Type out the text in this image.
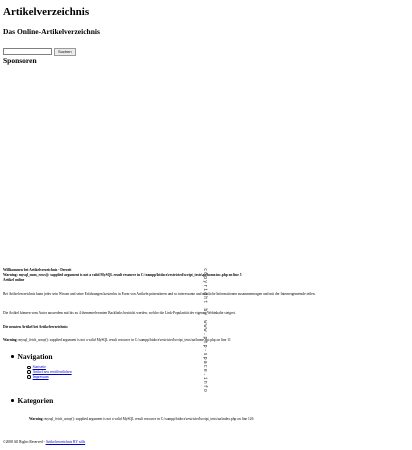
Artikelverzeichnis
Das Online-Artikelverzeichnis
Suchen
Sponsoren
Willkommen bei Artikelverzeichnis - Derzeit
Warning: mysql_num_rows(): supplied argument is not a valid MySQL result resource in C:\xampp\htdocs\restricted\script_tests\aa\home.inc.php on line 5
Artikel online
Bei Artikelverzeichnis kann jeder sein Wissen und seine Erfahrungen kostenlos in Form von Artikeln präsentieren und so interessante und nützliche Informationen zusammentragen und mit der Internetgemeinde teilen.
Die Artikel können vom Autor ausserdem mit bis zu 4 themenrelevanten Backlinks bestückt werden, welche die Link-Popularität der eigenen Webinhalte steigert.
Die neusten Artikel bei Artikelverzeichnis:
Warning: mysql_fetch_array(): supplied argument is not a valid MySQL result resource in C:\xampp\htdocs\restricted\script_tests\aa\home.inc.php on line 11
Navigation
Startseite
Artikel neu veröffentlichen
Impressum
Kategorien
Warning: mysql_fetch_array(): supplied argument is not a valid MySQL result resource in C:\xampp\htdocs\restricted\script_tests\aa\index.php on line 126
©2008 All Rights Reserved - Artikelverzeichnis BY nilfs
copyright by www.php-space.info
